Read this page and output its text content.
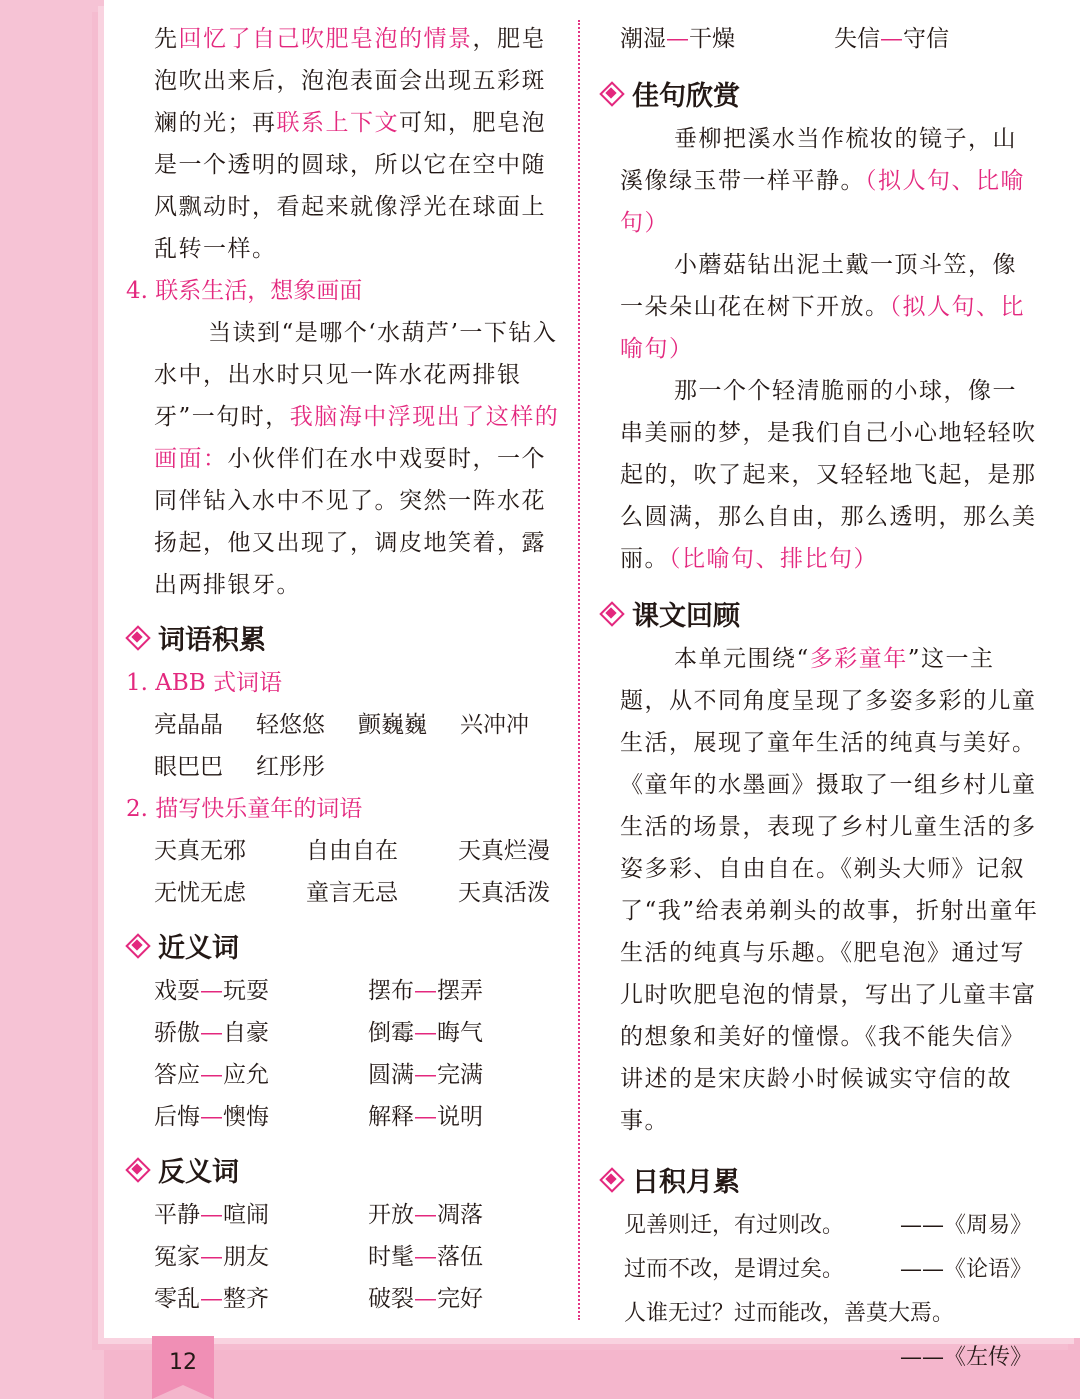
先回忆了自己吹肥皂泡的情景，肥皂泡吹出来后，泡泡表面会出现五彩斑斓的光；再联系上下文可知，肥皂泡是一个透明的圆球，所以它在空中随风飘动时，看起来就像浮光在球面上乱转一样。

4. 联系生活，想象画面

当读到“是哪个‘水葫芦’一下钻入水中，出水时只见一阵水花两排银牙”一句时，我脑海中浮现出了这样的画面：小伙伴们在水中戏耍时，一个同伴钻入水中不见了。突然一阵水花扬起，他又出现了，调皮地笑着，露出两排银牙。

词语积累

1. ABB 式词语

亮晶晶	轻悠悠	颤巍巍	兴冲冲
眼巴巴	红彤彤

2. 描写快乐童年的词语

天真无邪	自由自在	天真烂漫
无忧无虑	童言无忌	天真活泼
近义词
戏耍—玩耍	摆布—摆弄
骄傲—自豪	倒霉—晦气
答应—应允	圆满—完满
后悔—懊悔	解释—说明
反义词
平静—喧闹	开放—凋落
冤家—朋友	时髦—落伍
零乱—整齐	破裂—完好
潮湿—干燥	失信—守信
佳句欣赏

垂柳把溪水当作梳妆的镜子，山溪像绿玉带一样平静。（拟人句、比喻句）

小蘑菇钻出泥土戴一顶斗笠，像一朵朵山花在树下开放。（拟人句、比喻句）

那一个个轻清脆丽的小球，像一串美丽的梦，是我们自己小心地轻轻吹起的，吹了起来，又轻轻地飞起，是那么圆满，那么自由，那么透明，那么美丽。（比喻句、排比句）

课文回顾

本单元围绕“多彩童年”这一主题，从不同角度呈现了多姿多彩的儿童生活，展现了童年生活的纯真与美好。《童年的水墨画》摄取了一组乡村儿童生活的场景，表现了乡村儿童生活的多姿多彩、自由自在。《剃头大师》记叙了“我”给表弟剃头的故事，折射出童年生活的纯真与乐趣。《肥皂泡》通过写儿时吹肥皂泡的情景，写出了儿童丰富的想象和美好的憧憬。《我不能失信》讲述的是宋庆龄小时候诚实守信的故事。

日积月累
见善则迁，有过则改。	——《周易》
过而不改，是谓过矣。	——《论语》
人谁无过？过而能改，善莫大焉。
——《左传》
12
